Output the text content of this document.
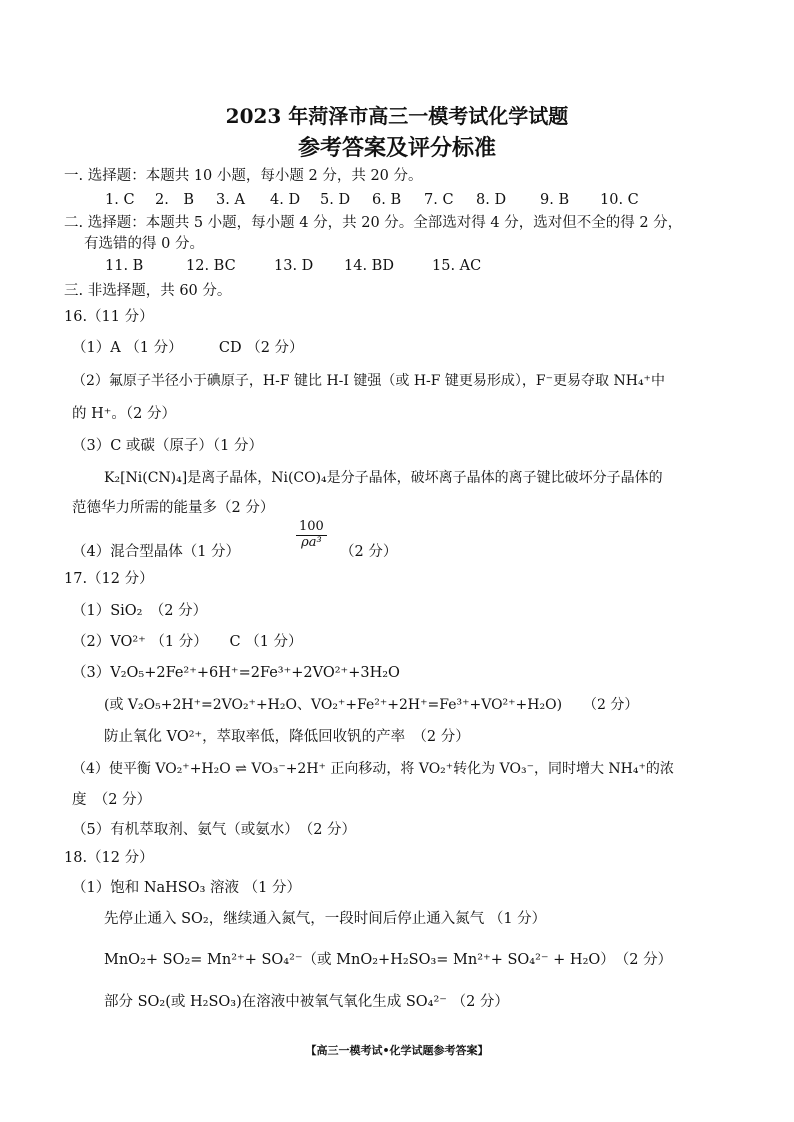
2023 年菏泽市高三一模考试化学试题
参考答案及评分标准
一. 选择题：本题共 10 小题，每小题 2 分，共 20 分。
1. C 2.　B 3. A 4. D 5. D 6. B 7. C 8. D 9. B 10. C
二. 选择题：本题共 5 小题，每小题 4 分，共 20 分。全部选对得 4 分，选对但不全的得 2 分，
有选错的得 0 分。
11. B	12. BC	13. D 14. BD	15. AC
三. 非选择题，共 60 分。
16.（11 分）
（1）A （1 分）　　　CD （2 分）
（2）氟原子半径小于碘原子，H-F 键比 H-I 键强（或 H-F 键更易形成），F⁻更易夺取 NH₄⁺中
的 H⁺。（2 分）
（3）C 或碳（原子）（1 分）
K₂[Ni(CN)₄]是离子晶体，Ni(CO)₄是分子晶体，破坏离子晶体的离子键比破坏分子晶体的
范德华力所需的能量多（2 分）
（4）混合型晶体（1 分）
$\frac{100}{\text{ρa³}}$
（2 分）
17.（12 分）
（1）SiO₂　（2 分）
（2）VO²⁺ （1 分）　　C （1 分）
（3）V₂O₅+2Fe²⁺+6H⁺=2Fe³⁺+2VO²⁺+3H₂O
(或 V₂O₅+2H⁺=2VO₂⁺+H₂O、VO₂⁺+Fe²⁺+2H⁺=Fe³⁺+VO²⁺+H₂O)　　（2 分）
防止氧化 VO²⁺，萃取率低，降低回收钒的产率　（2 分）
（4）使平衡 VO₂⁺+H₂O ⇌ VO₃⁻+2H⁺ 正向移动，将 VO₂⁺转化为 VO₃⁻，同时增大 NH₄⁺的浓
度　（2 分）
（5）有机萃取剂、氨气（或氨水）　（2 分）
18.（12 分）
（1）饱和 NaHSO₃ 溶液 （1 分）
先停止通入 SO₂，继续通入氮气，一段时间后停止通入氮气 （1 分）
MnO₂+ SO₂= Mn²⁺+ SO₄²⁻（或 MnO₂+H₂SO₃= Mn²⁺+ SO₄²⁻ + H₂O）　（2 分）
部分 SO₂(或 H₂SO₃)在溶液中被氧气氧化生成 SO₄²⁻ （2 分）
【高三一模考试•化学试题参考答案】
